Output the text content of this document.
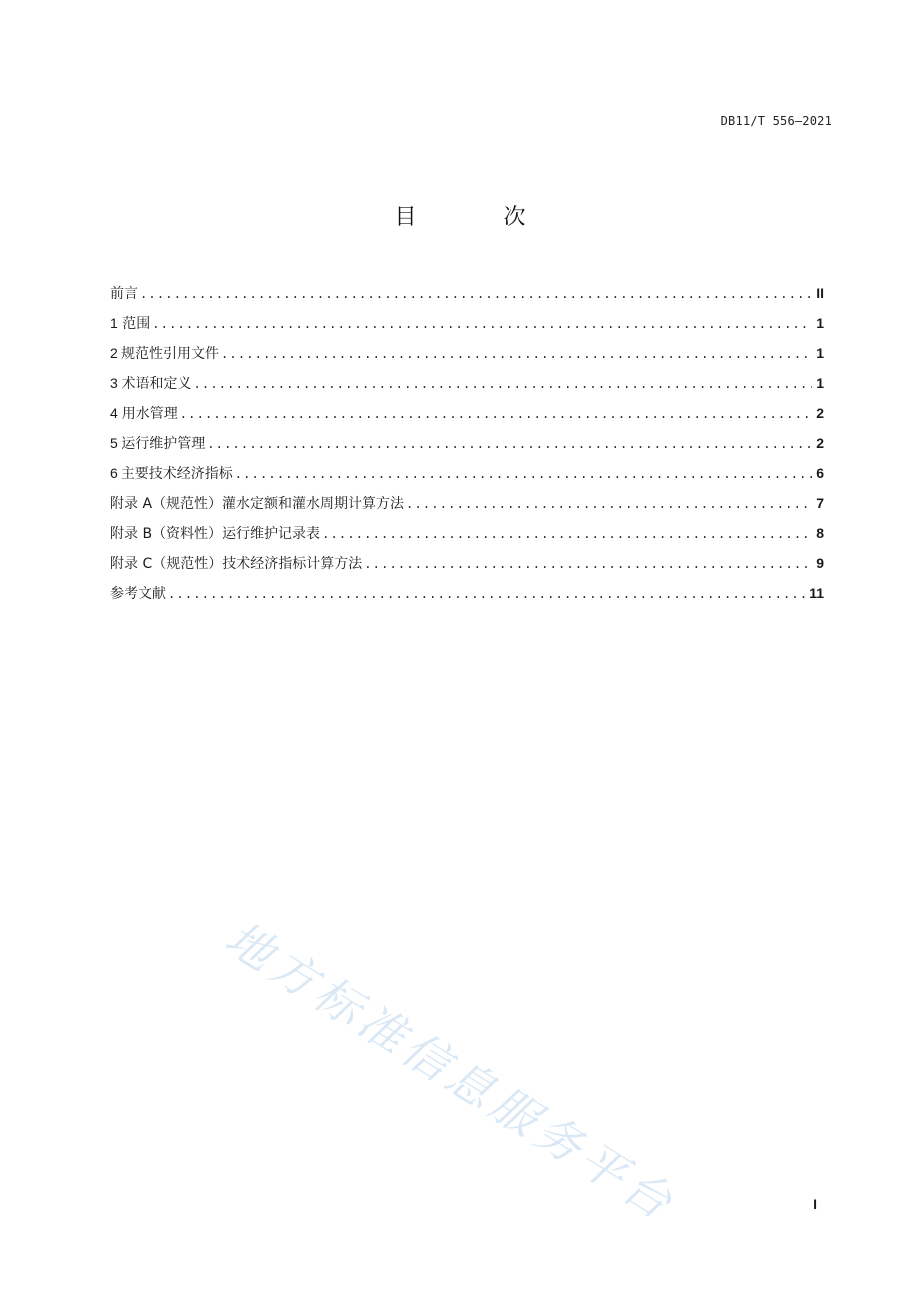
DB11/T 556—2021
目 次
前言 .....	II
1 范围 .....	1
2 规范性引用文件 .....	1
3 术语和定义 .....	1
4 用水管理 .....	2
5 运行维护管理 .....	2
6 主要技术经济指标 .....	6
附录 A（规范性） 灌水定额和灌水周期计算方法 .....	7
附录 B（资料性） 运行维护记录表 .....	8
附录 C（规范性） 技术经济指标计算方法 .....	9
参考文献 .....	11
地方标准信息服务平台	I
